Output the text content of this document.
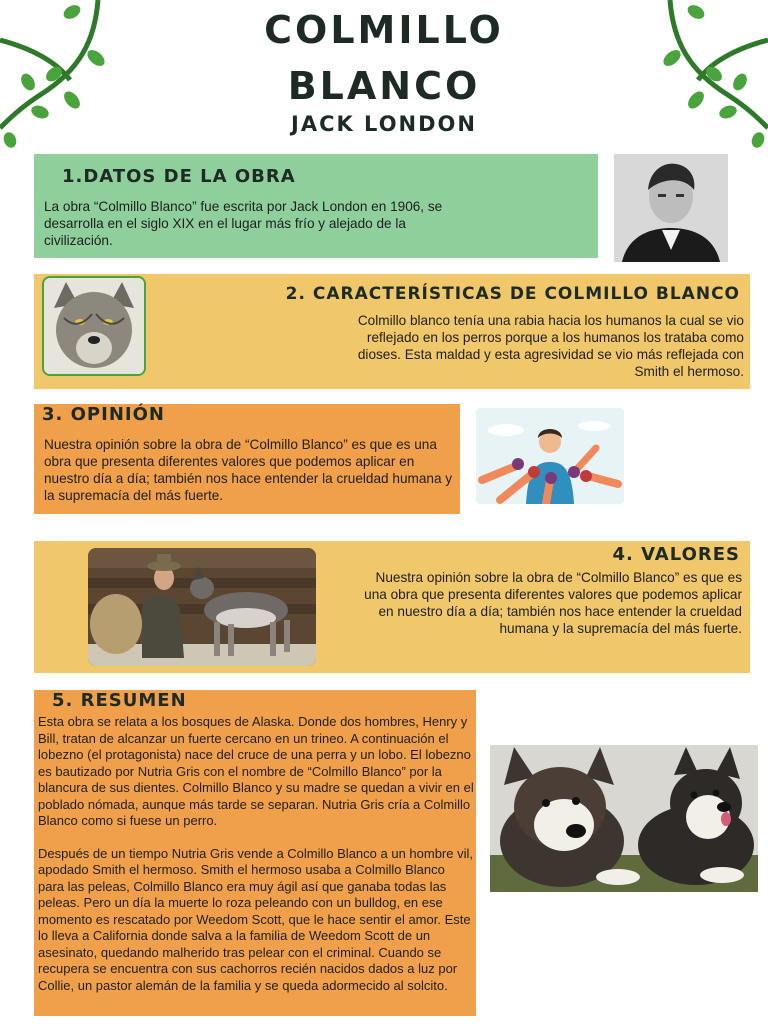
COLMILLO
BLANCO
JACK LONDON
1.DATOS DE LA OBRA

La obra “Colmillo Blanco” fue escrita por Jack London en 1906, se desarrolla en el siglo XIX en el lugar más frío y alejado de la civilización.

2. CARACTERÍSTICAS DE COLMILLO BLANCO

Colmillo blanco tenía una rabia hacia los humanos la cual se vio reflejado en los perros porque a los humanos los trataba como dioses. Esta maldad y esta agresividad se vio más reflejada con Smith el hermoso.

3. OPINIÓN

Nuestra opinión sobre la obra de “Colmillo Blanco” es que es una obra que presenta diferentes valores que podemos aplicar en nuestro día a día; también nos hace entender la crueldad humana y la supremacía del más fuerte.

4. VALORES

Nuestra opinión sobre la obra de “Colmillo Blanco” es que es una obra que presenta diferentes valores que podemos aplicar en nuestro día a día; también nos hace entender la crueldad humana y la supremacía del más fuerte.

5. RESUMEN

Esta obra se relata a los bosques de Alaska. Donde dos hombres, Henry y Bill, tratan de alcanzar un fuerte cercano en un trineo. A continuación el lobezno (el protagonista) nace del cruce de una perra y un lobo. El lobezno es bautizado por Nutria Gris con el nombre de “Colmillo Blanco” por la blancura de sus dientes. Colmillo Blanco y su madre se quedan a vivir en el poblado nómada, aunque más tarde se separan. Nutria Gris cría a Colmillo Blanco como si fuese un perro.

Después de un tiempo Nutria Gris vende a Colmillo Blanco a un hombre vil, apodado Smith el hermoso. Smith el hermoso usaba a Colmillo Blanco para las peleas, Colmillo Blanco era muy ágil así que ganaba todas las peleas. Pero un día la muerte lo roza peleando con un bulldog, en ese momento es rescatado por Weedom Scott, que le hace sentir el amor. Este lo lleva a California donde salva a la familia de Weedom Scott de un asesinato, quedando malherido tras pelear con el criminal. Cuando se recupera se encuentra con sus cachorros recién nacidos dados a luz por Collie, un pastor alemán de la familia y se queda adormecido al solcito.
